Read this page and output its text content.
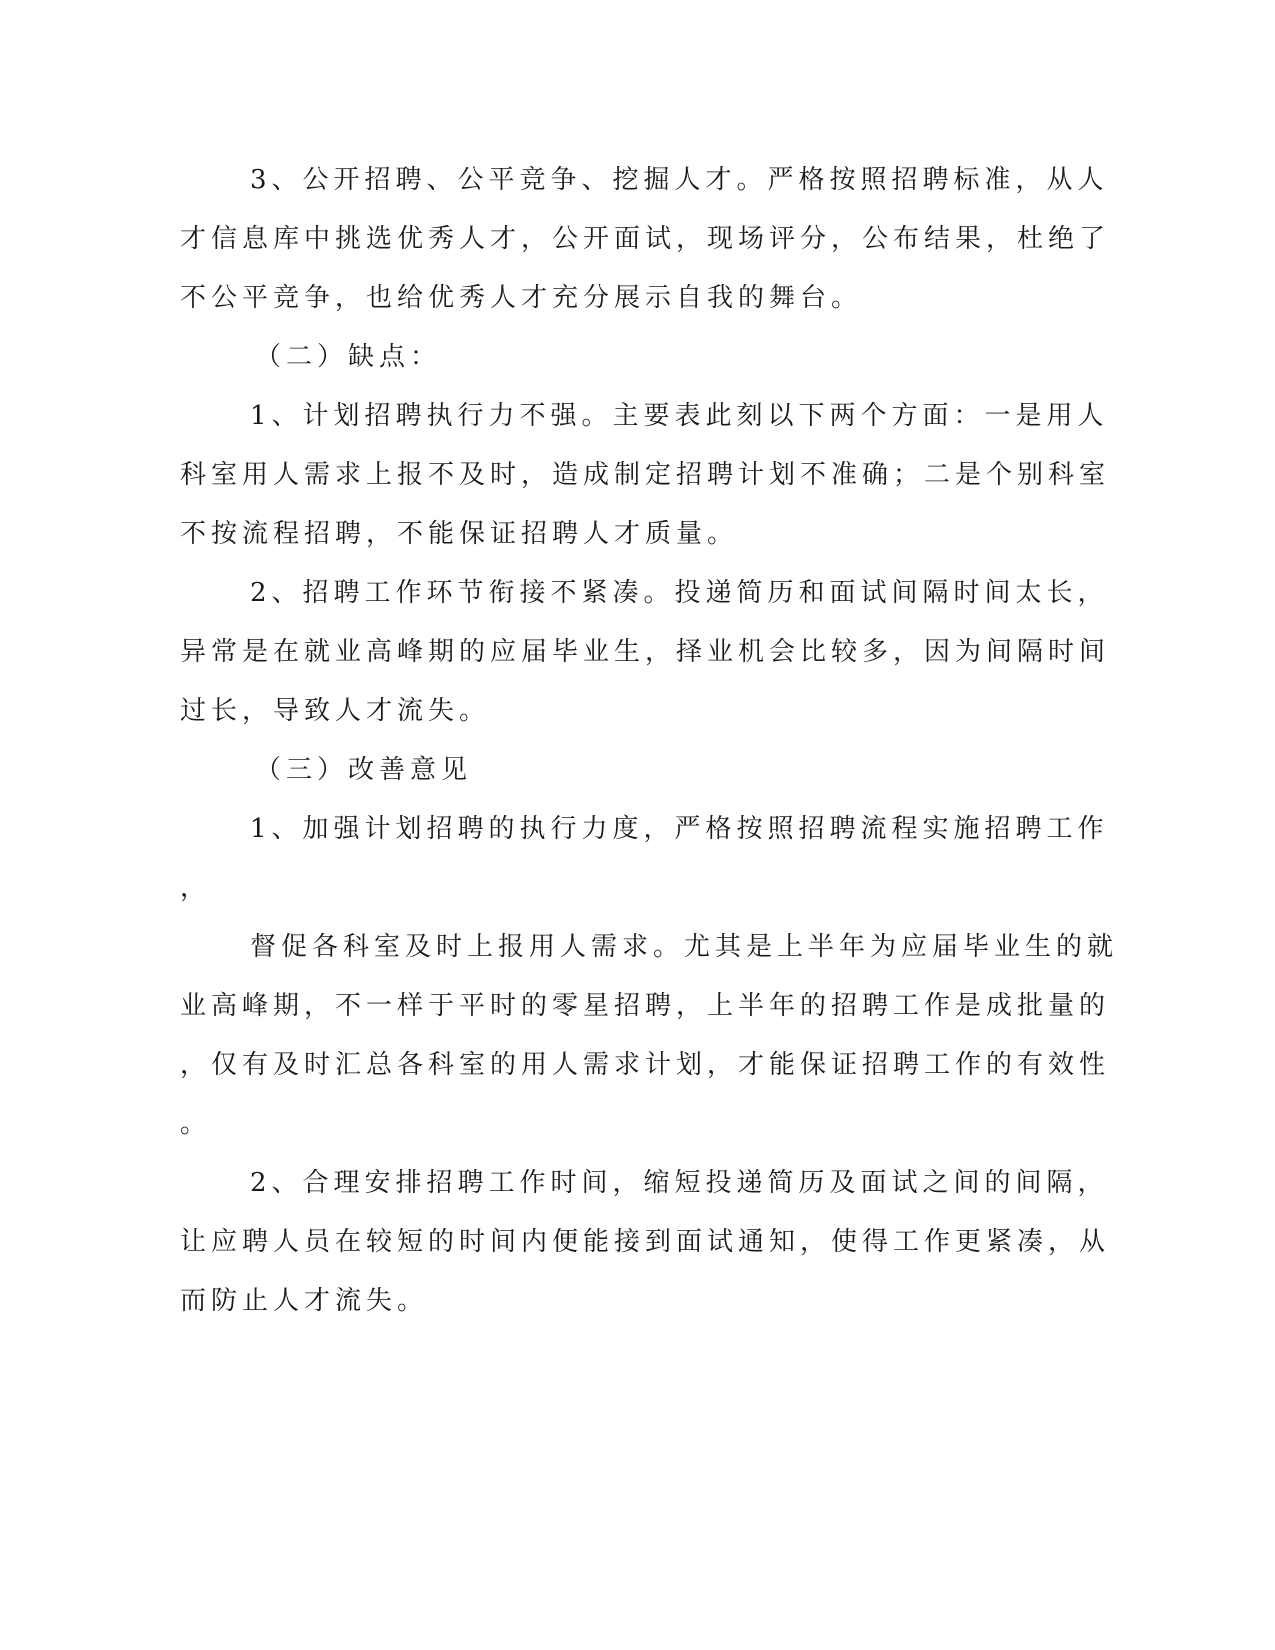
3、公开招聘、公平竞争、挖掘人才。严格按照招聘标准，从人
才信息库中挑选优秀人才，公开面试，现场评分，公布结果，杜绝了
不公平竞争，也给优秀人才充分展示自我的舞台。
（二）缺点：
1、计划招聘执行力不强。主要表此刻以下两个方面：一是用人
科室用人需求上报不及时，造成制定招聘计划不准确；二是个别科室
不按流程招聘，不能保证招聘人才质量。
2、招聘工作环节衔接不紧凑。投递简历和面试间隔时间太长，
异常是在就业高峰期的应届毕业生，择业机会比较多，因为间隔时间
过长，导致人才流失。
（三）改善意见
1、加强计划招聘的执行力度，严格按照招聘流程实施招聘工作
，
督促各科室及时上报用人需求。尤其是上半年为应届毕业生的就
业高峰期，不一样于平时的零星招聘，上半年的招聘工作是成批量的
，仅有及时汇总各科室的用人需求计划，才能保证招聘工作的有效性
。
2、合理安排招聘工作时间，缩短投递简历及面试之间的间隔，
让应聘人员在较短的时间内便能接到面试通知，使得工作更紧凑，从
而防止人才流失。
